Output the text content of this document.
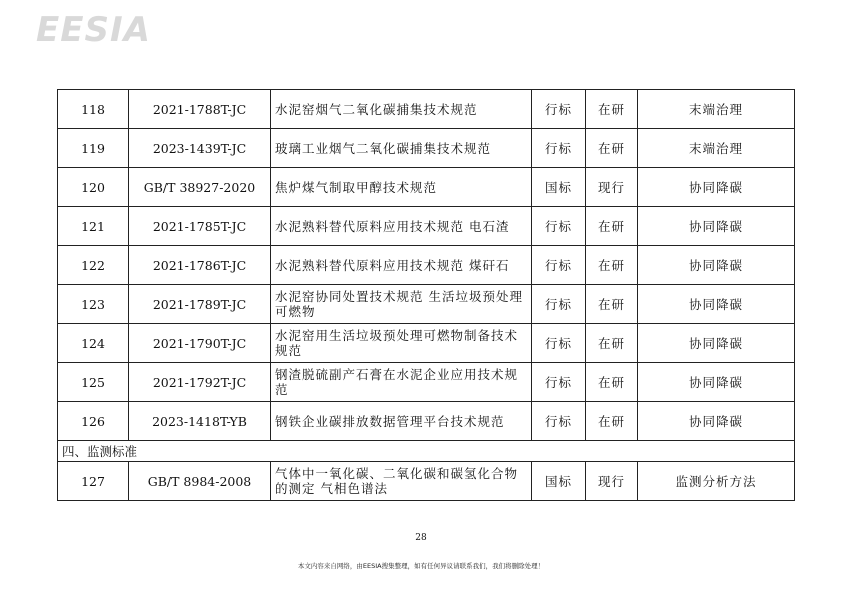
EESIA
118	2021-1788T-JC	水泥窑烟气二氧化碳捕集技术规范	行标	在研	末端治理
119	2023-1439T-JC	玻璃工业烟气二氧化碳捕集技术规范	行标	在研	末端治理
120	GB/T 38927-2020	焦炉煤气制取甲醇技术规范	国标	现行	协同降碳
121	2021-1785T-JC	水泥熟料替代原料应用技术规范 电石渣	行标	在研	协同降碳
122	2021-1786T-JC	水泥熟料替代原料应用技术规范 煤矸石	行标	在研	协同降碳
123	2021-1789T-JC	水泥窑协同处置技术规范 生活垃圾预处理可燃物	行标	在研	协同降碳
124	2021-1790T-JC	水泥窑用生活垃圾预处理可燃物制备技术规范	行标	在研	协同降碳
125	2021-1792T-JC	钢渣脱硫副产石膏在水泥企业应用技术规范	行标	在研	协同降碳
126	2023-1418T-YB	钢铁企业碳排放数据管理平台技术规范	行标	在研	协同降碳
四、监测标准					
127	GB/T 8984-2008	气体中一氧化碳、二氧化碳和碳氢化合物的测定 气相色谱法	国标	现行	监测分析方法
28
本文内容来自网络，由EESIA搜集整理，如有任何异议请联系我们，我们将删除处理！
